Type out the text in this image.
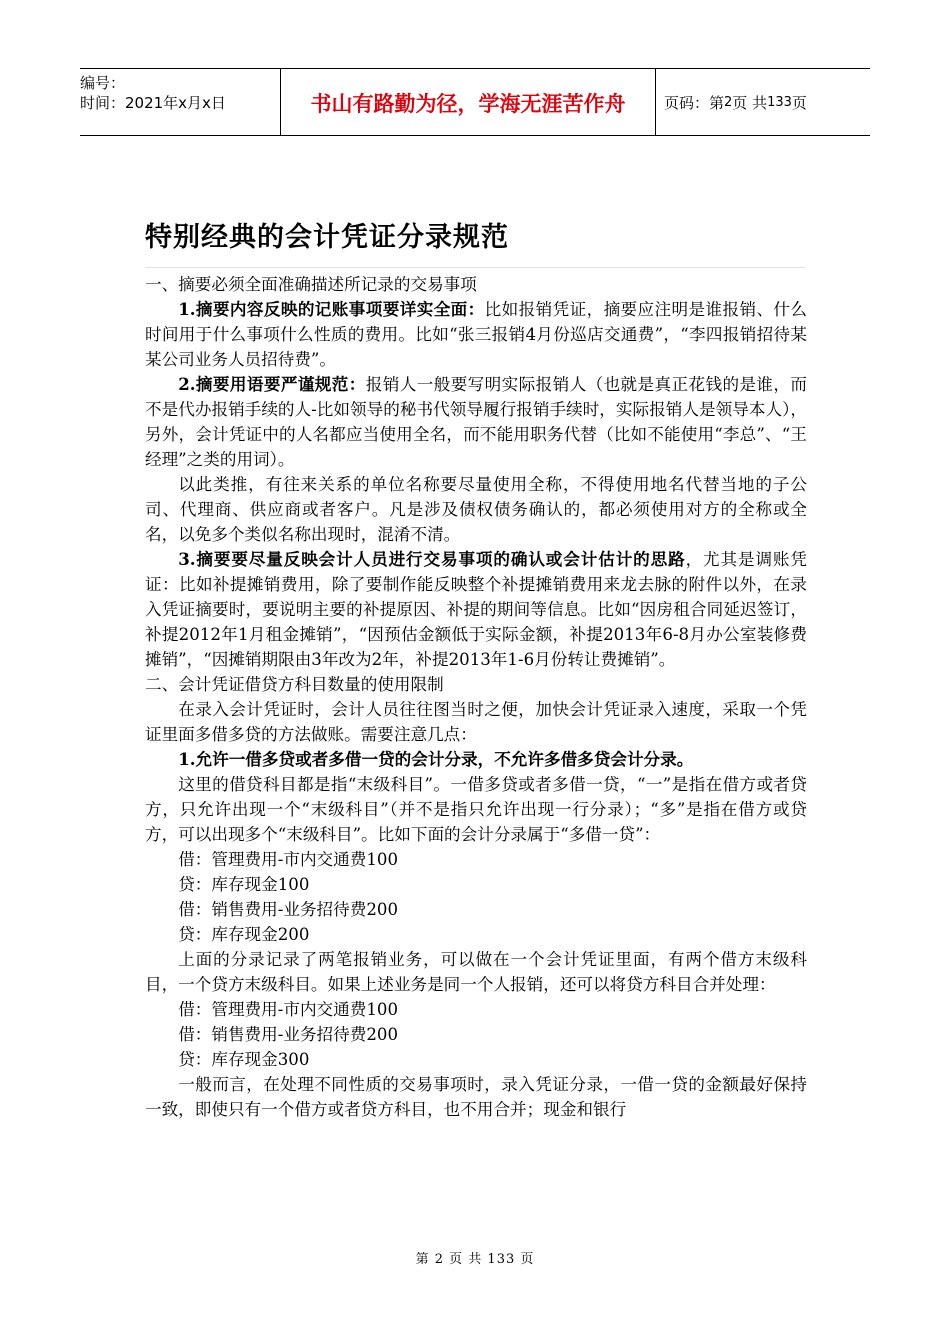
编号：
时间：2021年x月x日	书山有路勤为径，学海无涯苦作舟	页码：第 2 页 共 133 页
特别经典的会计凭证分录规范

一、摘要必须全面准确描述所记录的交易事项

1.摘要内容反映的记账事项要详实全面：比如报销凭证，摘要应注明是谁报销、什么时间用于什么事项什么性质的费用。比如“张三报销4月份巡店交通费”，“李四报销招待某某公司业务人员招待费”。

2.摘要用语要严谨规范：报销人一般要写明实际报销人（也就是真正花钱的是谁，而不是代办报销手续的人-比如领导的秘书代领导履行报销手续时，实际报销人是领导本人），另外，会计凭证中的人名都应当使用全名，而不能用职务代替（比如不能使用“李总”、“王经理”之类的用词）。

以此类推，有往来关系的单位名称要尽量使用全称，不得使用地名代替当地的子公司、代理商、供应商或者客户。凡是涉及债权债务确认的，都必须使用对方的全称或全名，以免多个类似名称出现时，混淆不清。

3.摘要要尽量反映会计人员进行交易事项的确认或会计估计的思路，尤其是调账凭证：比如补提摊销费用，除了要制作能反映整个补提摊销费用来龙去脉的附件以外，在录入凭证摘要时，要说明主要的补提原因、补提的期间等信息。比如“因房租合同延迟签订，补提2012年1月租金摊销”，“因预估金额低于实际金额，补提2013年6-8月办公室装修费摊销”，“因摊销期限由3年改为2年，补提2013年1-6月份转让费摊销”。

二、会计凭证借贷方科目数量的使用限制

在录入会计凭证时，会计人员往往图当时之便，加快会计凭证录入速度，采取一个凭证里面多借多贷的方法做账。需要注意几点：

1.允许一借多贷或者多借一贷的会计分录，不允许多借多贷会计分录。

这里的借贷科目都是指“末级科目”。一借多贷或者多借一贷，“一”是指在借方或者贷方，只允许出现一个“末级科目”（并不是指只允许出现一行分录）；“多”是指在借方或贷方，可以出现多个“末级科目”。比如下面的会计分录属于“多借一贷”：

借：管理费用-市内交通费100

贷：库存现金100

借：销售费用-业务招待费200

贷：库存现金200

上面的分录记录了两笔报销业务，可以做在一个会计凭证里面，有两个借方末级科目，一个贷方末级科目。如果上述业务是同一个人报销，还可以将贷方科目合并处理：

借：管理费用-市内交通费100

借：销售费用-业务招待费200

贷：库存现金300

一般而言，在处理不同性质的交易事项时，录入凭证分录，一借一贷的金额最好保持一致，即使只有一个借方或者贷方科目，也不用合并；现金和银行

第 2 页 共 133 页
